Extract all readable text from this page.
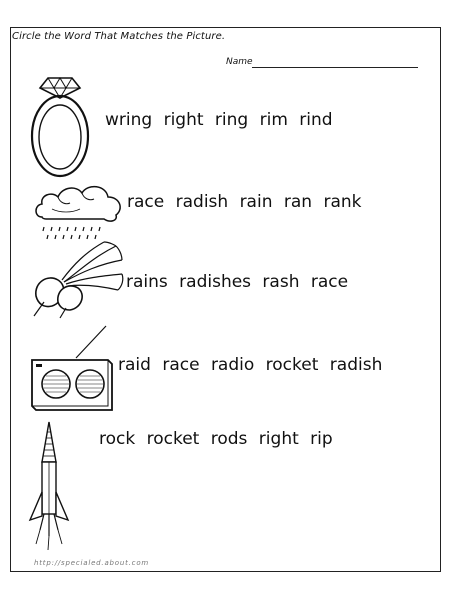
Circle the Word That Matches the Picture.
Name
wring right ring rim rind
race radish rain ran rank
rains radishes rash race
raid race radio rocket radish
rock rocket rods right rip
http://specialed.about.com
